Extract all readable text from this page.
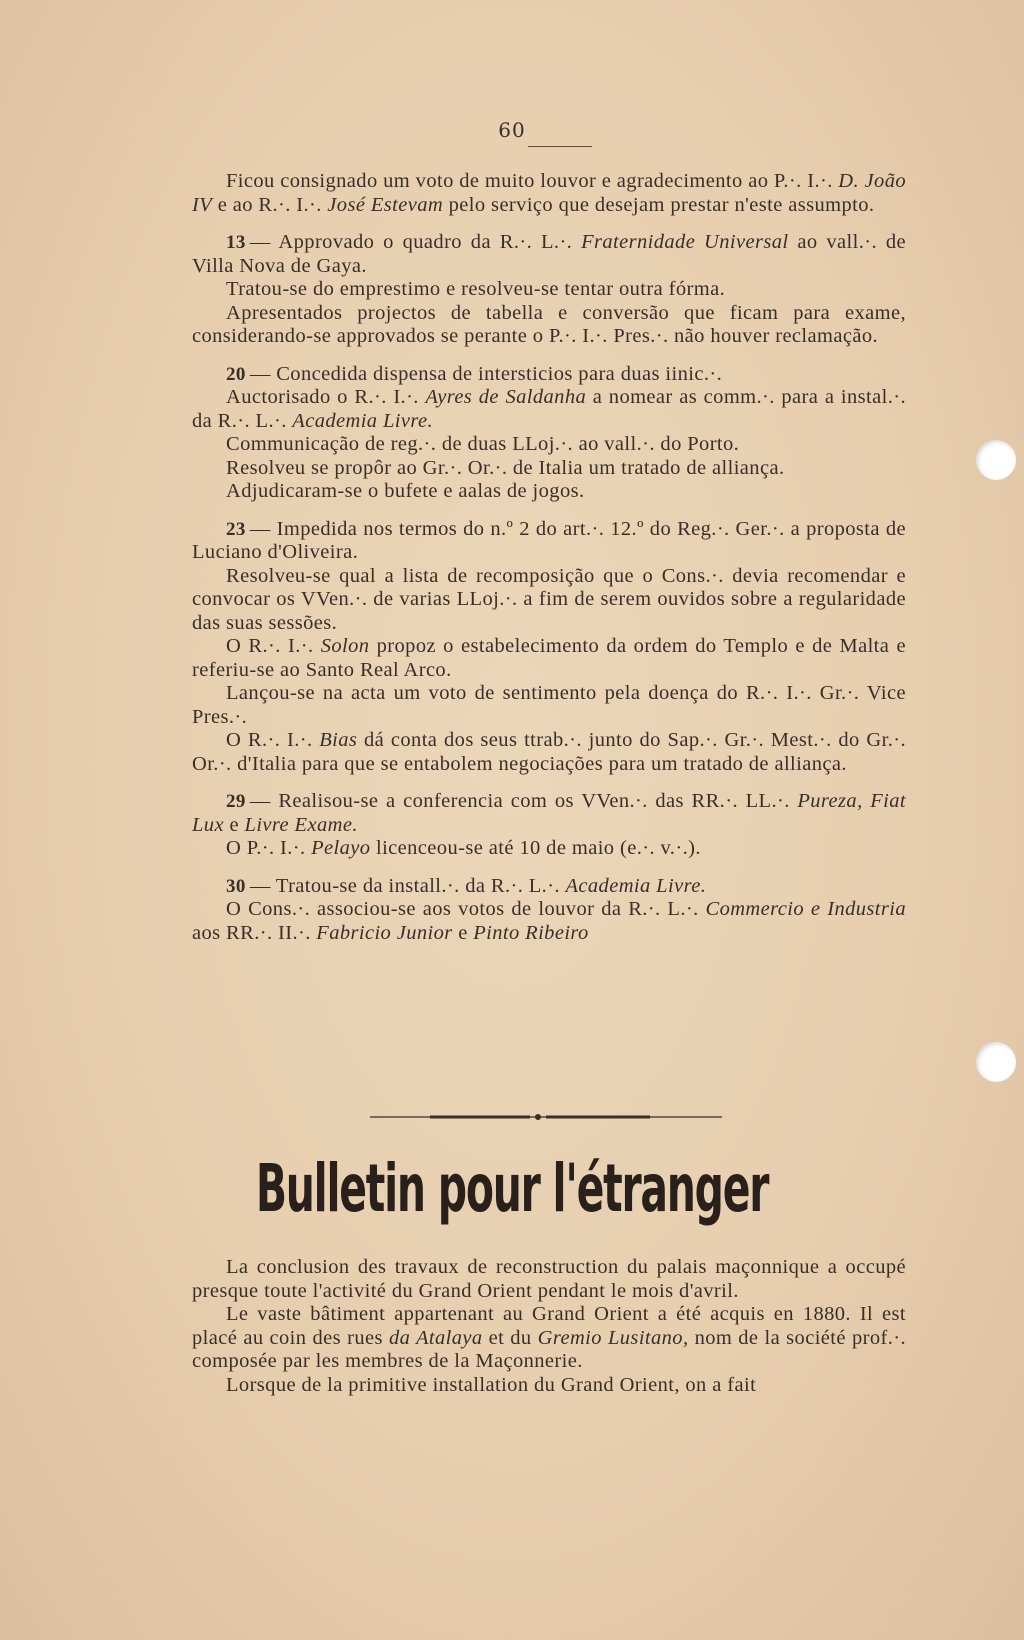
60

Ficou consignado um voto de muito louvor e agradecimento ao P.·. I.·. D. João IV e ao R.·. I.·. José Estevam pelo serviço que desejam prestar n'este assumpto.

13 — Approvado o quadro da R.·. L.·. Fraternidade Universal ao vall.·. de Villa Nova de Gaya.

Tratou-se do emprestimo e resolveu-se tentar outra fórma.

Apresentados projectos de tabella e conversão que ficam para exame, considerando-se approvados se perante o P.·. I.·. Pres.·. não houver reclamação.

20 — Concedida dispensa de intersticios para duas iinic.·.

Auctorisado o R.·. I.·. Ayres de Saldanha a nomear as comm.·. para a instal.·. da R.·. L.·. Academia Livre.

Communicação de reg.·. de duas LLoj.·. ao vall.·. do Porto.

Resolveu se propôr ao Gr.·. Or.·. de Italia um tratado de alliança.

Adjudicaram-se o bufete e aalas de jogos.

23 — Impedida nos termos do n.º 2 do art.·. 12.º do Reg.·. Ger.·. a proposta de Luciano d'Oliveira.

Resolveu-se qual a lista de recomposição que o Cons.·. devia recomendar e convocar os VVen.·. de varias LLoj.·. a fim de serem ouvidos sobre a regularidade das suas sessões.

O R.·. I.·. Solon propoz o estabelecimento da ordem do Templo e de Malta e referiu-se ao Santo Real Arco.

Lançou-se na acta um voto de sentimento pela doença do R.·. I.·. Gr.·. Vice Pres.·.

O R.·. I.·. Bias dá conta dos seus ttrab.·. junto do Sap.·. Gr.·. Mest.·. do Gr.·. Or.·. d'Italia para que se entabolem negociações para um tratado de alliança.

29 — Realisou-se a conferencia com os VVen.·. das RR.·. LL.·. Pureza, Fiat Lux e Livre Exame.

O P.·. I.·. Pelayo licenceou-se até 10 de maio (e.·. v.·.).

30 — Tratou-se da install.·. da R.·. L.·. Academia Livre.

O Cons.·. associou-se aos votos de louvor da R.·. L.·. Commercio e Industria aos RR.·. II.·. Fabricio Junior e Pinto Ribeiro

Bulletin pour l'étranger

La conclusion des travaux de reconstruction du palais maçonnique a occupé presque toute l'activité du Grand Orient pendant le mois d'avril.

Le vaste bâtiment appartenant au Grand Orient a été acquis en 1880. Il est placé au coin des rues da Atalaya et du Gremio Lusitano, nom de la société prof.·. composée par les membres de la Maçonnerie.

Lorsque de la primitive installation du Grand Orient, on a fait
